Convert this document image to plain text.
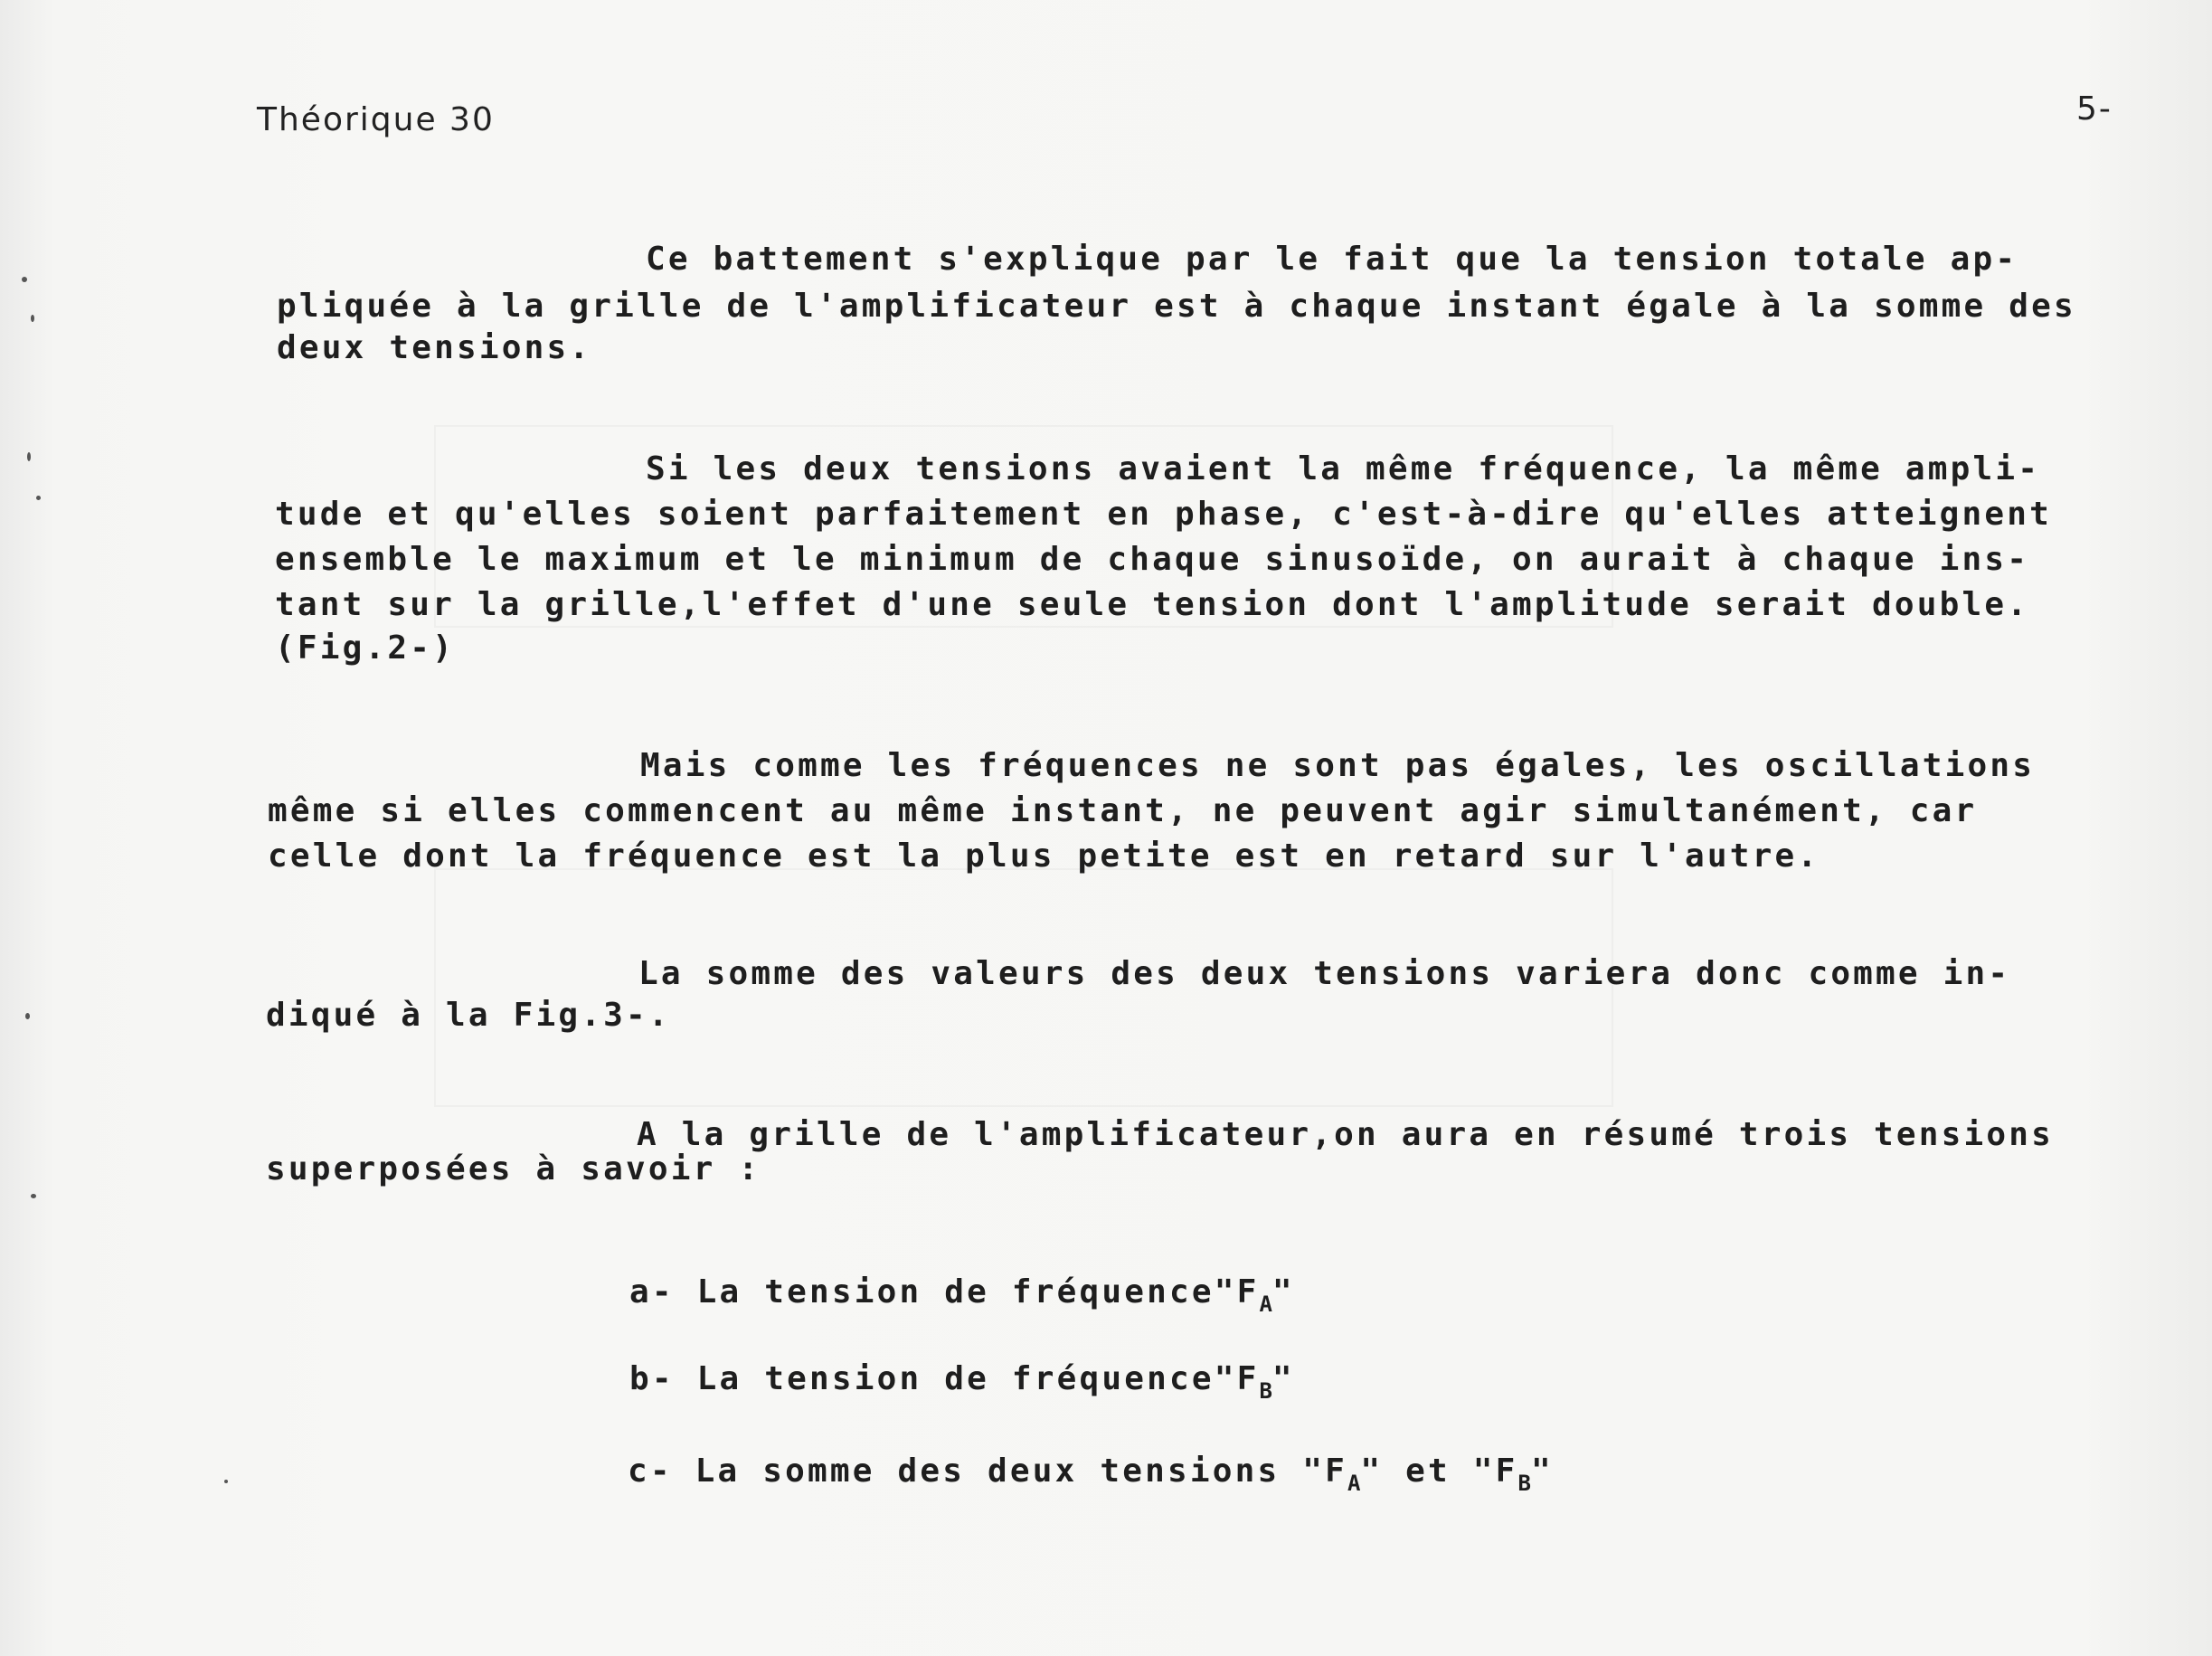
Théorique 30	5-
Ce battement s'explique par le fait que la tension totale ap-
pliquée à la grille de l'amplificateur est à chaque instant égale à la somme des
deux tensions.
Si les deux tensions avaient la même fréquence, la même ampli-
tude et qu'elles soient parfaitement en phase, c'est-à-dire qu'elles atteignent
ensemble le maximum et le minimum de chaque sinusoïde, on aurait à chaque ins-
tant sur la grille,l'effet d'une seule tension dont l'amplitude serait double.
(Fig.2-)
Mais comme les fréquences ne sont pas égales, les oscillations
même si elles commencent au même instant, ne peuvent agir simultanément, car
celle dont la fréquence est la plus petite est en retard sur l'autre.
La somme des valeurs des deux tensions variera donc comme in-
diqué à la Fig.3-.
A la grille de l'amplificateur,on aura en résumé trois tensions
superposées à savoir :
a- La tension de $fréquence"F_A$"
b- La tension de $fréquence"F_B$"
c- La somme des deux tensions "$F_A$" et "$F_B$"
